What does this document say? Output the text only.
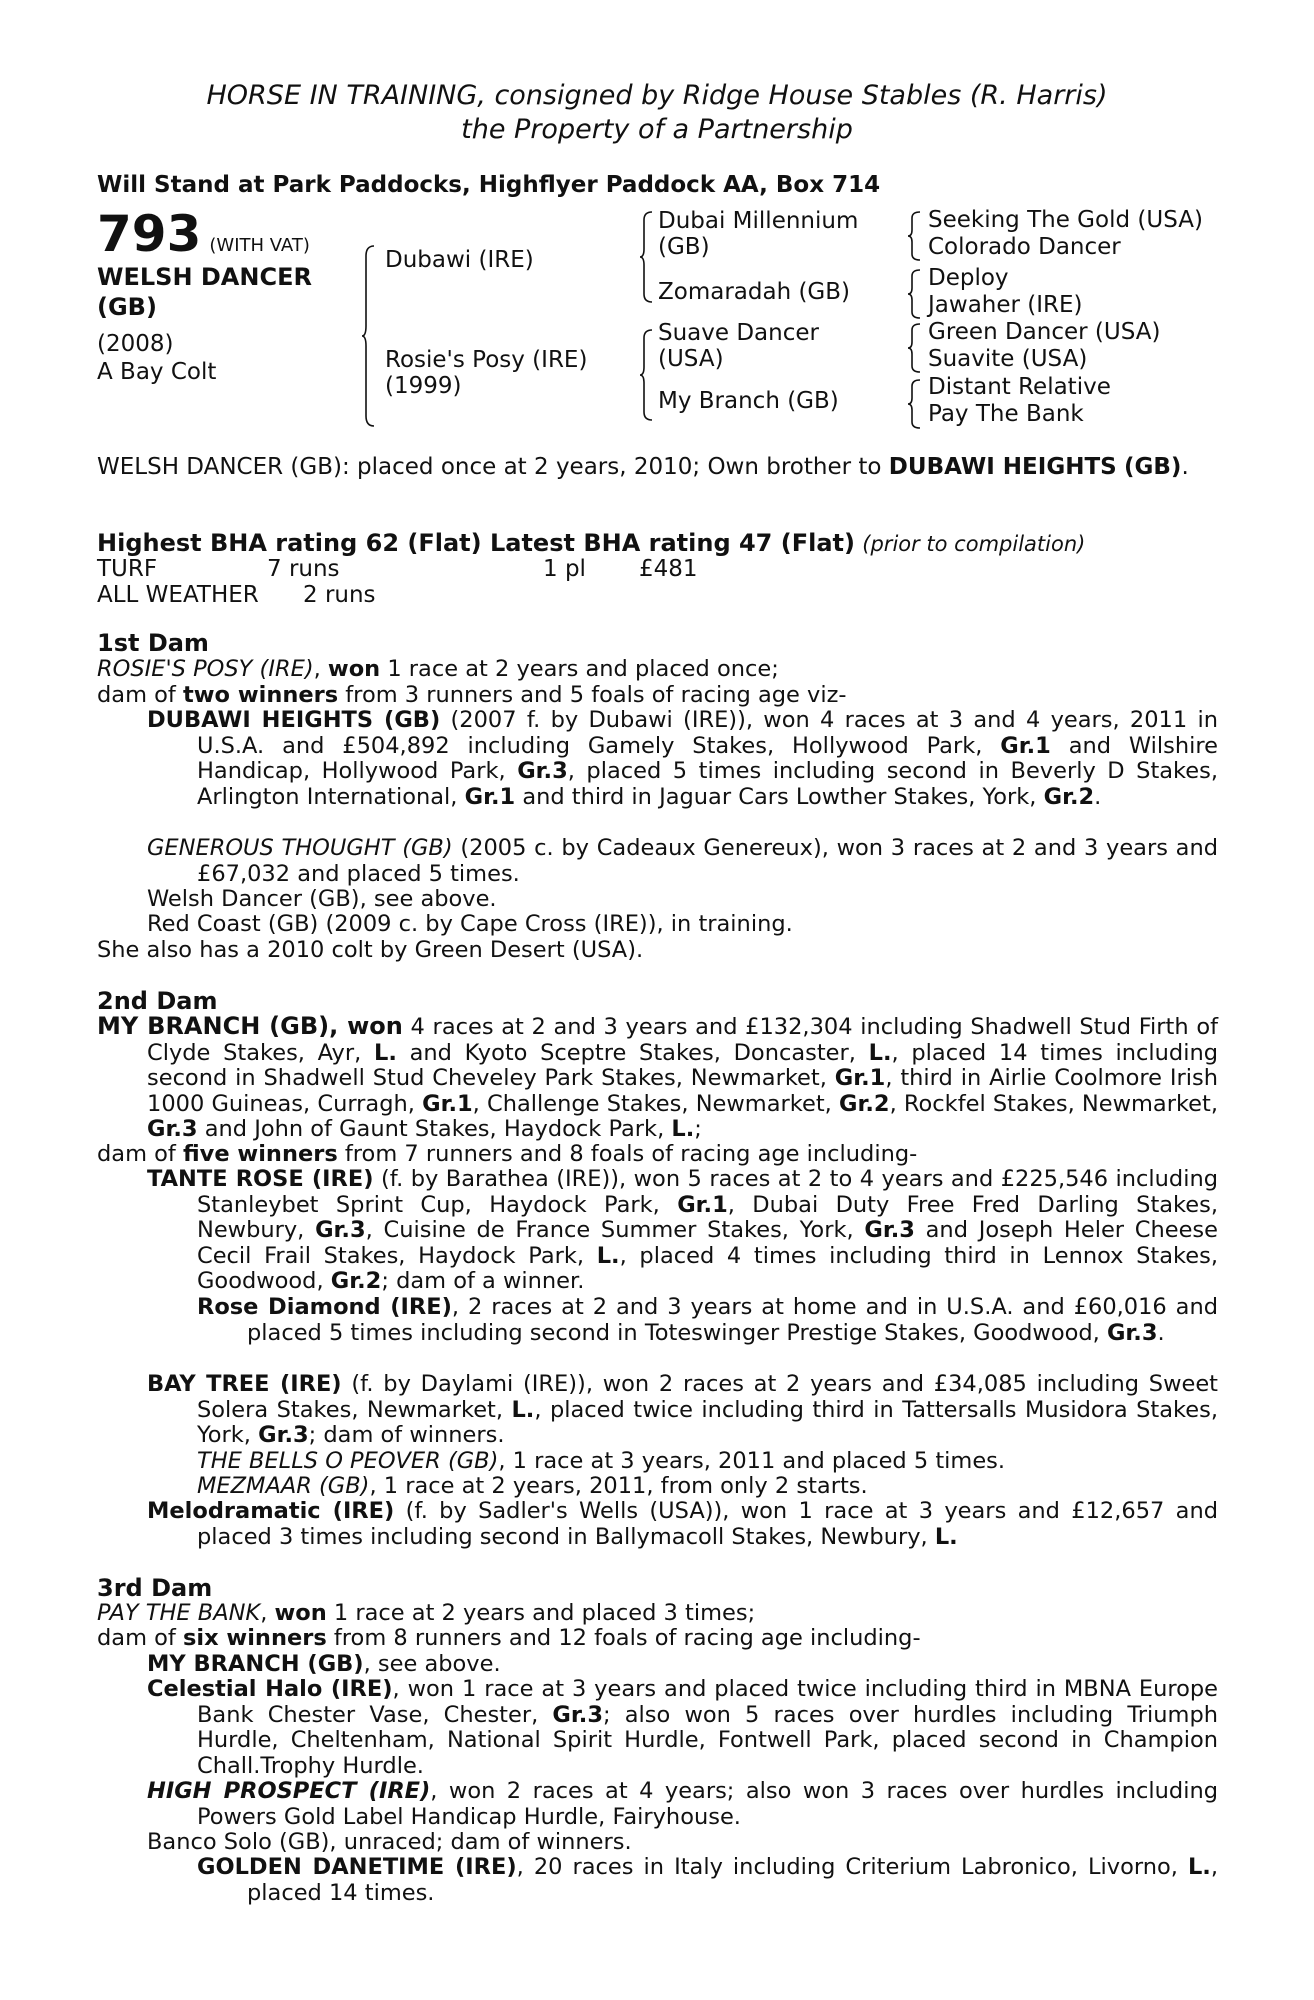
HORSE IN TRAINING, consigned by Ridge House Stables (R. Harris)
the Property of a Partnership
Will Stand at Park Paddocks, Highflyer Paddock AA, Box 714
793 (WITH VAT)
WELSH DANCER
(GB)
(2008)
A Bay Colt
Dubawi (IRE)
Rosie's Posy (IRE)
(1999)
Dubai Millennium
(GB)
Zomaradah (GB)
Suave Dancer
(USA)
My Branch (GB)
Seeking The Gold (USA)
Colorado Dancer
Deploy
Jawaher (IRE)
Green Dancer (USA)
Suavite (USA)
Distant Relative
Pay The Bank
WELSH DANCER (GB): placed once at 2 years, 2010; Own brother to DUBAWI HEIGHTS (GB).
Highest BHA rating 62 (Flat) Latest BHA rating 47 (Flat) (prior to compilation)
TURF	7 runs	1 pl £481
ALL WEATHER 2 runs
1st Dam
ROSIE'S POSY (IRE), won 1 race at 2 years and placed once;
dam of two winners from 3 runners and 5 foals of racing age viz-
DUBAWI HEIGHTS (GB) (2007 f. by Dubawi (IRE)), won 4 races at 3 and 4 years, 2011 in U.S.A. and £504,892 including Gamely Stakes, Hollywood Park, Gr.1 and Wilshire Handicap, Hollywood Park, Gr.3, placed 5 times including second in Beverly D Stakes, Arlington International, Gr.1 and third in Jaguar Cars Lowther Stakes, York, Gr.2.
GENEROUS THOUGHT (GB) (2005 c. by Cadeaux Genereux), won 3 races at 2 and 3 years and £67,032 and placed 5 times.
Welsh Dancer (GB), see above.
Red Coast (GB) (2009 c. by Cape Cross (IRE)), in training.
She also has a 2010 colt by Green Desert (USA).
2nd Dam
MY BRANCH (GB), won 4 races at 2 and 3 years and £132,304 including Shadwell Stud Firth of Clyde Stakes, Ayr, L. and Kyoto Sceptre Stakes, Doncaster, L., placed 14 times including second in Shadwell Stud Cheveley Park Stakes, Newmarket, Gr.1, third in Airlie Coolmore Irish 1000 Guineas, Curragh, Gr.1, Challenge Stakes, Newmarket, Gr.2, Rockfel Stakes, Newmarket, Gr.3 and John of Gaunt Stakes, Haydock Park, L.;
dam of five winners from 7 runners and 8 foals of racing age including-
TANTE ROSE (IRE) (f. by Barathea (IRE)), won 5 races at 2 to 4 years and £225,546 including Stanleybet Sprint Cup, Haydock Park, Gr.1, Dubai Duty Free Fred Darling Stakes, Newbury, Gr.3, Cuisine de France Summer Stakes, York, Gr.3 and Joseph Heler Cheese Cecil Frail Stakes, Haydock Park, L., placed 4 times including third in Lennox Stakes, Goodwood, Gr.2; dam of a winner.
Rose Diamond (IRE), 2 races at 2 and 3 years at home and in U.S.A. and £60,016 and placed 5 times including second in Toteswinger Prestige Stakes, Goodwood, Gr.3.
BAY TREE (IRE) (f. by Daylami (IRE)), won 2 races at 2 years and £34,085 including Sweet Solera Stakes, Newmarket, L., placed twice including third in Tattersalls Musidora Stakes, York, Gr.3; dam of winners.
THE BELLS O PEOVER (GB), 1 race at 3 years, 2011 and placed 5 times.
MEZMAAR (GB), 1 race at 2 years, 2011, from only 2 starts.
Melodramatic (IRE) (f. by Sadler's Wells (USA)), won 1 race at 3 years and £12,657 and placed 3 times including second in Ballymacoll Stakes, Newbury, L.
3rd Dam
PAY THE BANK, won 1 race at 2 years and placed 3 times;
dam of six winners from 8 runners and 12 foals of racing age including-
MY BRANCH (GB), see above.
Celestial Halo (IRE), won 1 race at 3 years and placed twice including third in MBNA Europe Bank Chester Vase, Chester, Gr.3; also won 5 races over hurdles including Triumph Hurdle, Cheltenham, National Spirit Hurdle, Fontwell Park, placed second in Champion Chall.Trophy Hurdle.
HIGH PROSPECT (IRE), won 2 races at 4 years; also won 3 races over hurdles including Powers Gold Label Handicap Hurdle, Fairyhouse.
Banco Solo (GB), unraced; dam of winners.
GOLDEN DANETIME (IRE), 20 races in Italy including Criterium Labronico, Livorno, L., placed 14 times.
